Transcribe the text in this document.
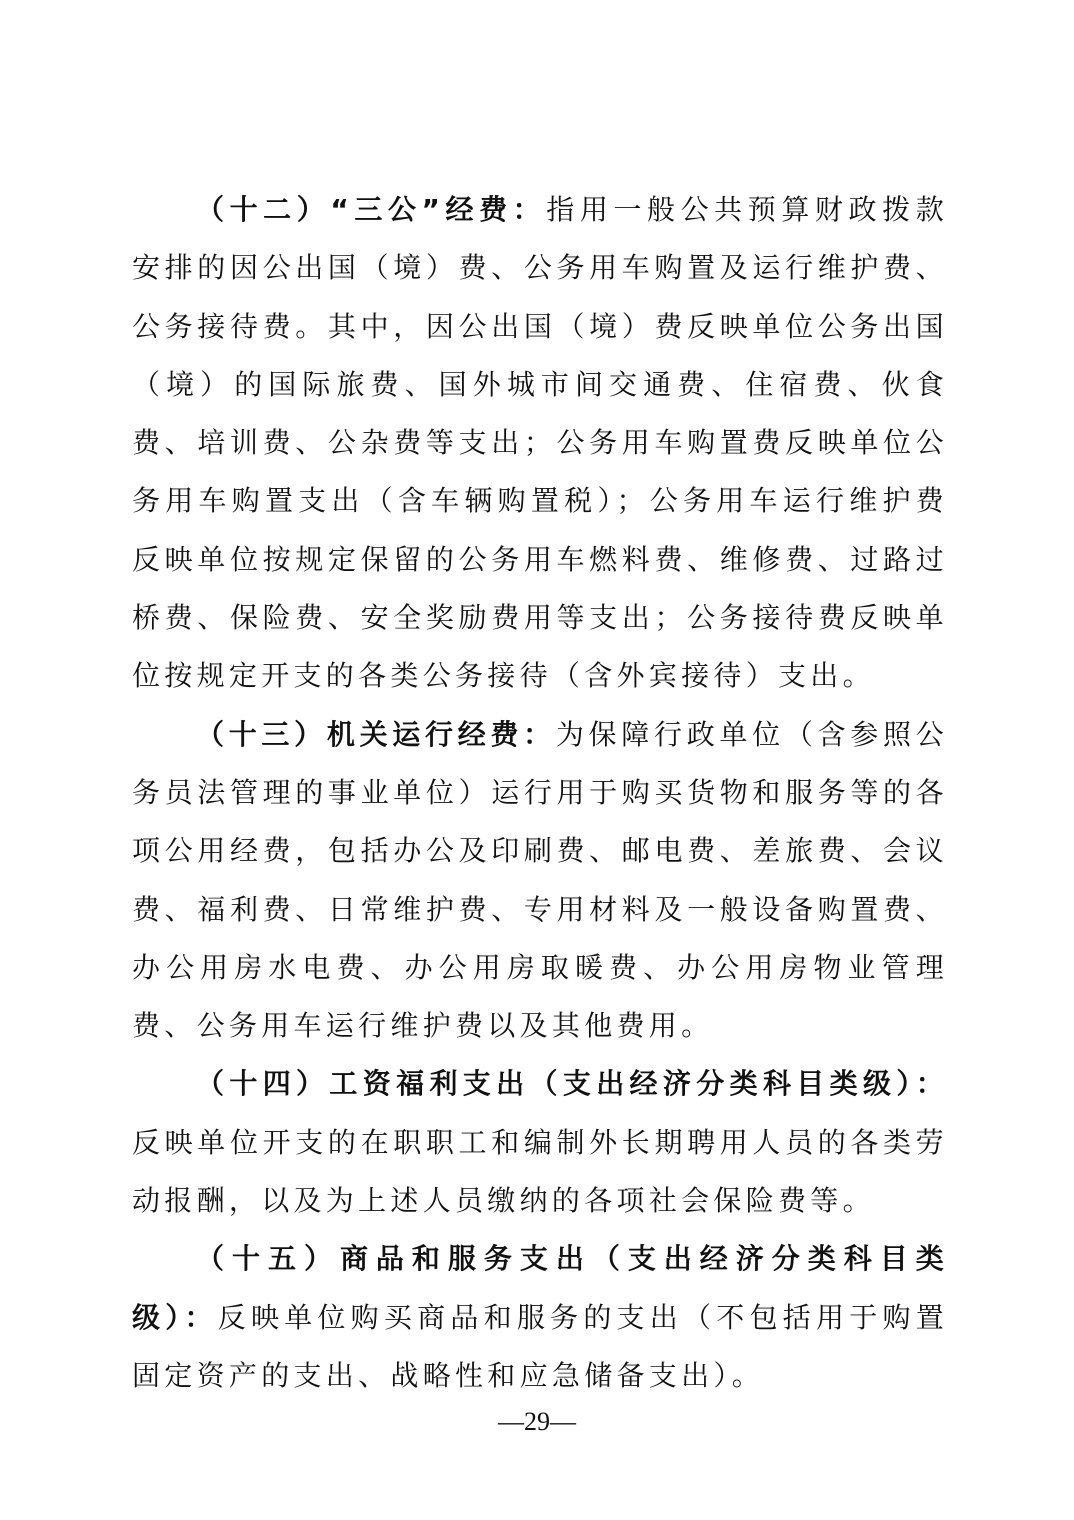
（十二）“三公”经费：指用一般公共预算财政拨款安排的因公出国（境）费、公务用车购置及运行维护费、公务接待费。其中，因公出国（境）费反映单位公务出国（境）的国际旅费、国外城市间交通费、住宿费、伙食费、培训费、公杂费等支出；公务用车购置费反映单位公务用车购置支出（含车辆购置税）；公务用车运行维护费反映单位按规定保留的公务用车燃料费、维修费、过路过桥费、保险费、安全奖励费用等支出；公务接待费反映单位按规定开支的各类公务接待（含外宾接待）支出。

（十三）机关运行经费：为保障行政单位（含参照公务员法管理的事业单位）运行用于购买货物和服务等的各项公用经费，包括办公及印刷费、邮电费、差旅费、会议费、福利费、日常维护费、专用材料及一般设备购置费、办公用房水电费、办公用房取暖费、办公用房物业管理费、公务用车运行维护费以及其他费用。

（十四）工资福利支出（支出经济分类科目类级）：反映单位开支的在职职工和编制外长期聘用人员的各类劳动报酬，以及为上述人员缴纳的各项社会保险费等。

（十五）商品和服务支出（支出经济分类科目类级）：反映单位购买商品和服务的支出（不包括用于购置固定资产的支出、战略性和应急储备支出）。

—29—
